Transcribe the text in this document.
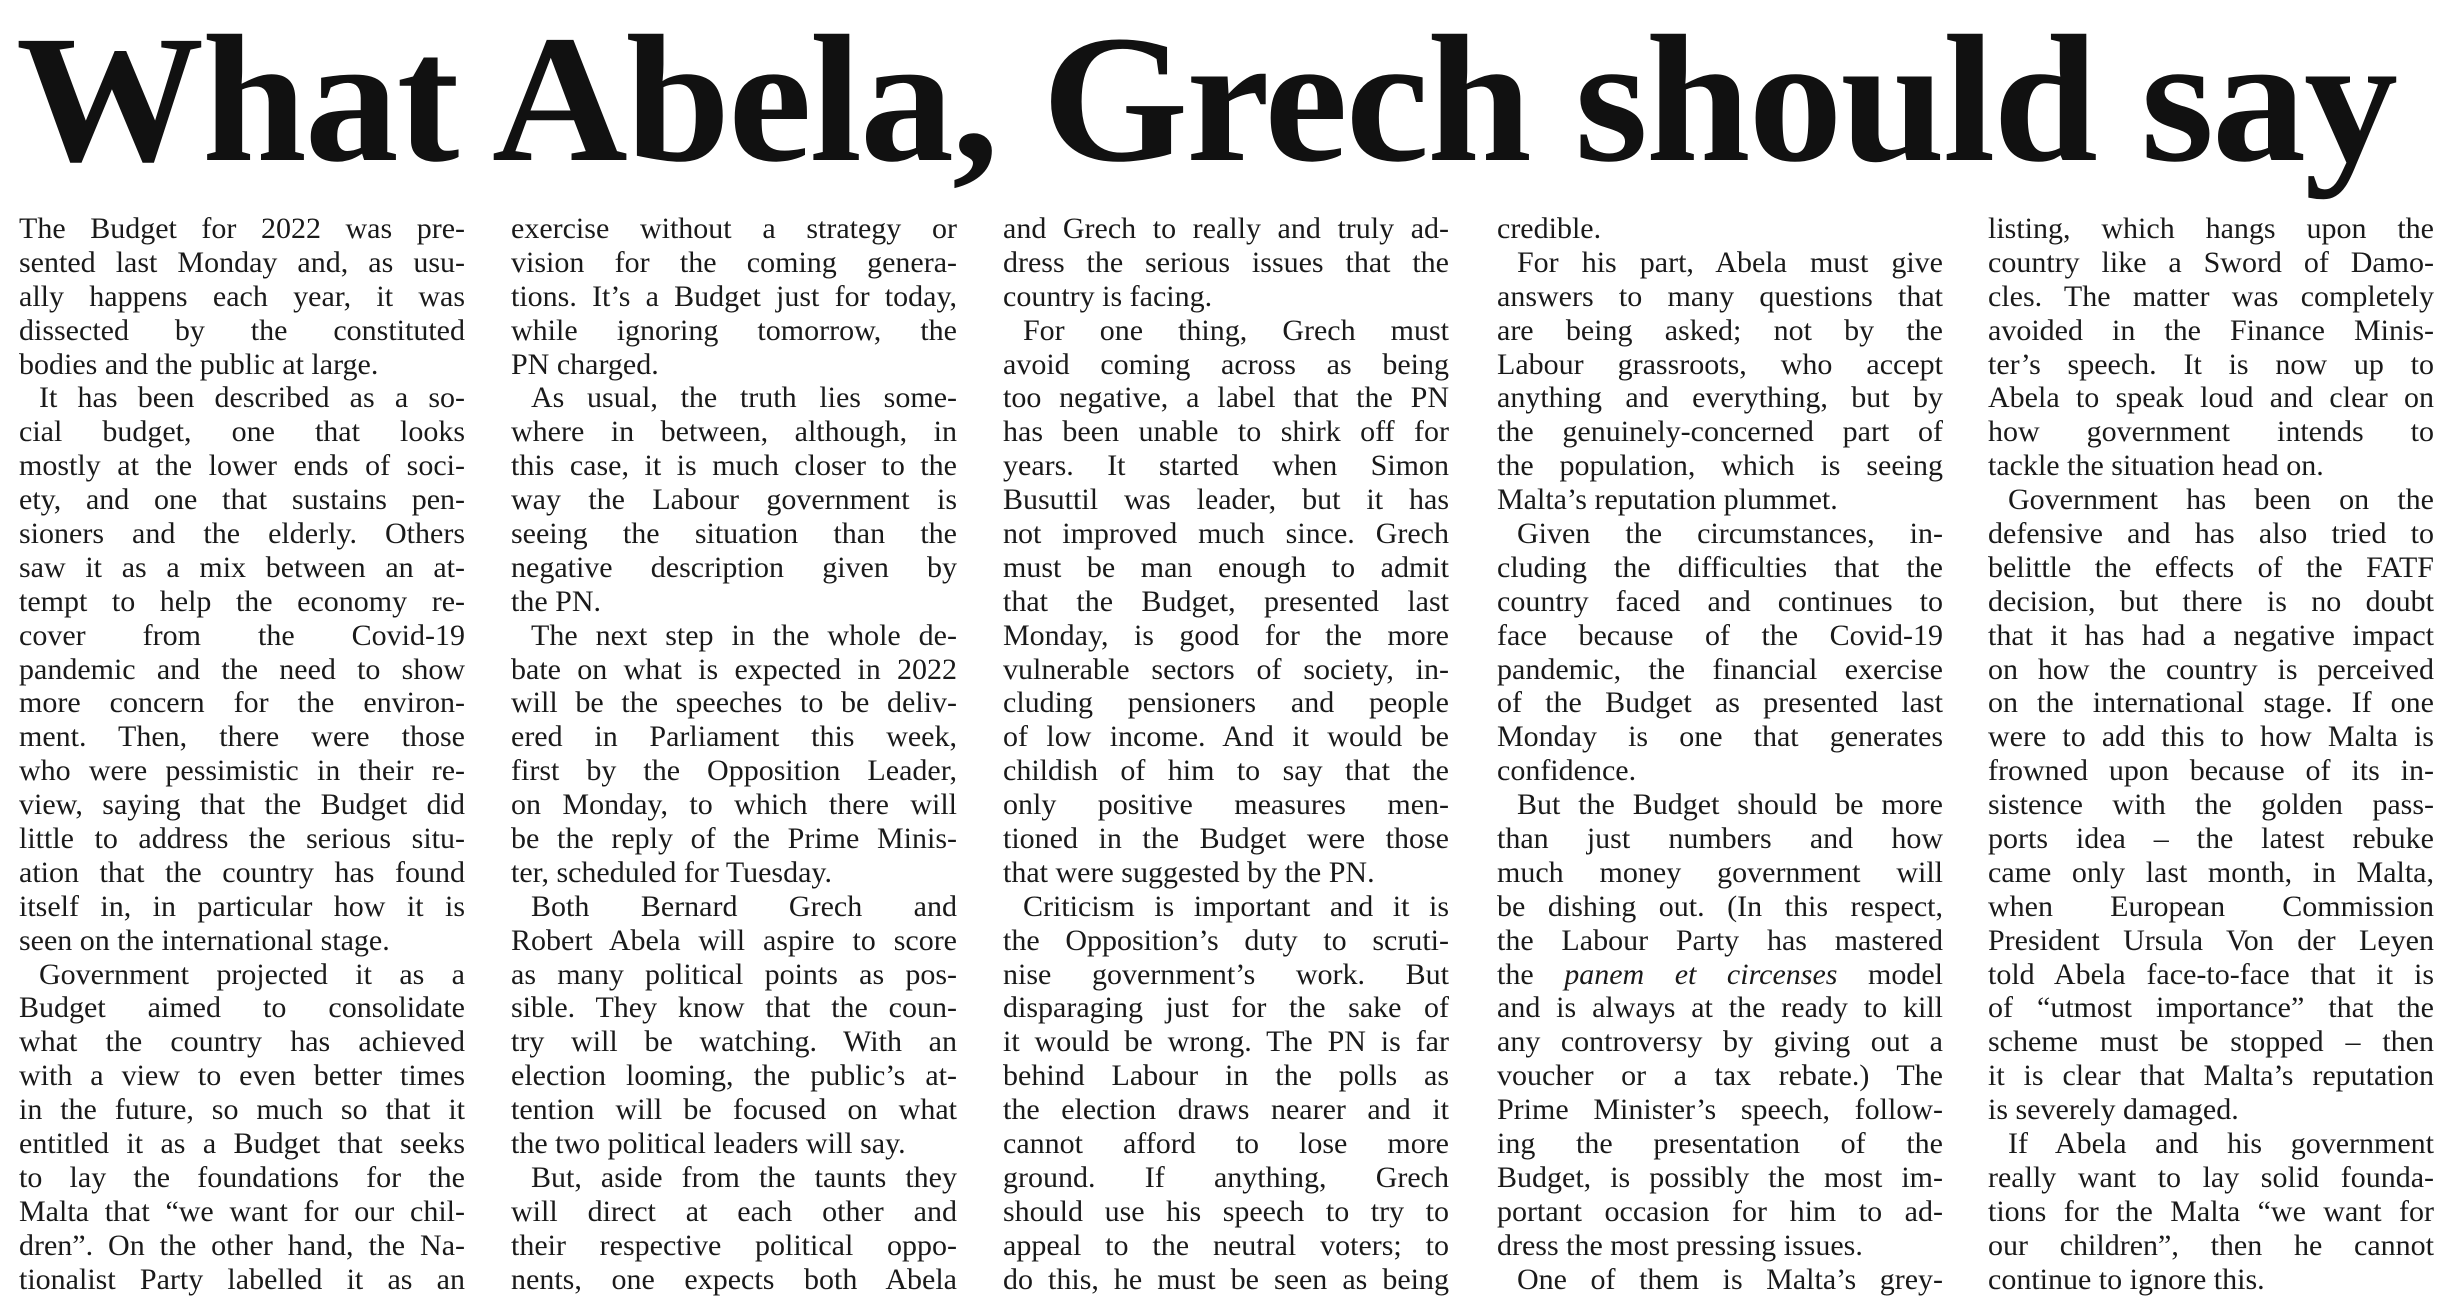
What Abela, Grech should say
The Budget for 2022 was pre-
sented last Monday and, as usu-
ally happens each year, it was
dissected by the constituted
bodies and the public at large.
It has been described as a so-
cial budget, one that looks
mostly at the lower ends of soci-
ety, and one that sustains pen-
sioners and the elderly. Others
saw it as a mix between an at-
tempt to help the economy re-
cover from the Covid-19
pandemic and the need to show
more concern for the environ-
ment. Then, there were those
who were pessimistic in their re-
view, saying that the Budget did
little to address the serious situ-
ation that the country has found
itself in, in particular how it is
seen on the international stage.
Government projected it as a
Budget aimed to consolidate
what the country has achieved
with a view to even better times
in the future, so much so that it
entitled it as a Budget that seeks
to lay the foundations for the
Malta that “we want for our chil-
dren”. On the other hand, the Na-
tionalist Party labelled it as an
exercise without a strategy or
vision for the coming genera-
tions. It’s a Budget just for today,
while ignoring tomorrow, the
PN charged.
As usual, the truth lies some-
where in between, although, in
this case, it is much closer to the
way the Labour government is
seeing the situation than the
negative description given by
the PN.
The next step in the whole de-
bate on what is expected in 2022
will be the speeches to be deliv-
ered in Parliament this week,
first by the Opposition Leader,
on Monday, to which there will
be the reply of the Prime Minis-
ter, scheduled for Tuesday.
Both Bernard Grech and
Robert Abela will aspire to score
as many political points as pos-
sible. They know that the coun-
try will be watching. With an
election looming, the public’s at-
tention will be focused on what
the two political leaders will say.
But, aside from the taunts they
will direct at each other and
their respective political oppo-
nents, one expects both Abela
and Grech to really and truly ad-
dress the serious issues that the
country is facing.
For one thing, Grech must
avoid coming across as being
too negative, a label that the PN
has been unable to shirk off for
years. It started when Simon
Busuttil was leader, but it has
not improved much since. Grech
must be man enough to admit
that the Budget, presented last
Monday, is good for the more
vulnerable sectors of society, in-
cluding pensioners and people
of low income. And it would be
childish of him to say that the
only positive measures men-
tioned in the Budget were those
that were suggested by the PN.
Criticism is important and it is
the Opposition’s duty to scruti-
nise government’s work. But
disparaging just for the sake of
it would be wrong. The PN is far
behind Labour in the polls as
the election draws nearer and it
cannot afford to lose more
ground. If anything, Grech
should use his speech to try to
appeal to the neutral voters; to
do this, he must be seen as being
credible.
For his part, Abela must give
answers to many questions that
are being asked; not by the
Labour grassroots, who accept
anything and everything, but by
the genuinely-concerned part of
the population, which is seeing
Malta’s reputation plummet.
Given the circumstances, in-
cluding the difficulties that the
country faced and continues to
face because of the Covid-19
pandemic, the financial exercise
of the Budget as presented last
Monday is one that generates
confidence.
But the Budget should be more
than just numbers and how
much money government will
be dishing out. (In this respect,
the Labour Party has mastered
the panem et circenses model
and is always at the ready to kill
any controversy by giving out a
voucher or a tax rebate.) The
Prime Minister’s speech, follow-
ing the presentation of the
Budget, is possibly the most im-
portant occasion for him to ad-
dress the most pressing issues.
One of them is Malta’s grey-
listing, which hangs upon the
country like a Sword of Damo-
cles. The matter was completely
avoided in the Finance Minis-
ter’s speech. It is now up to
Abela to speak loud and clear on
how government intends to
tackle the situation head on.
Government has been on the
defensive and has also tried to
belittle the effects of the FATF
decision, but there is no doubt
that it has had a negative impact
on how the country is perceived
on the international stage. If one
were to add this to how Malta is
frowned upon because of its in-
sistence with the golden pass-
ports idea – the latest rebuke
came only last month, in Malta,
when European Commission
President Ursula Von der Leyen
told Abela face-to-face that it is
of “utmost importance” that the
scheme must be stopped – then
it is clear that Malta’s reputation
is severely damaged.
If Abela and his government
really want to lay solid founda-
tions for the Malta “we want for
our children”, then he cannot
continue to ignore this.
